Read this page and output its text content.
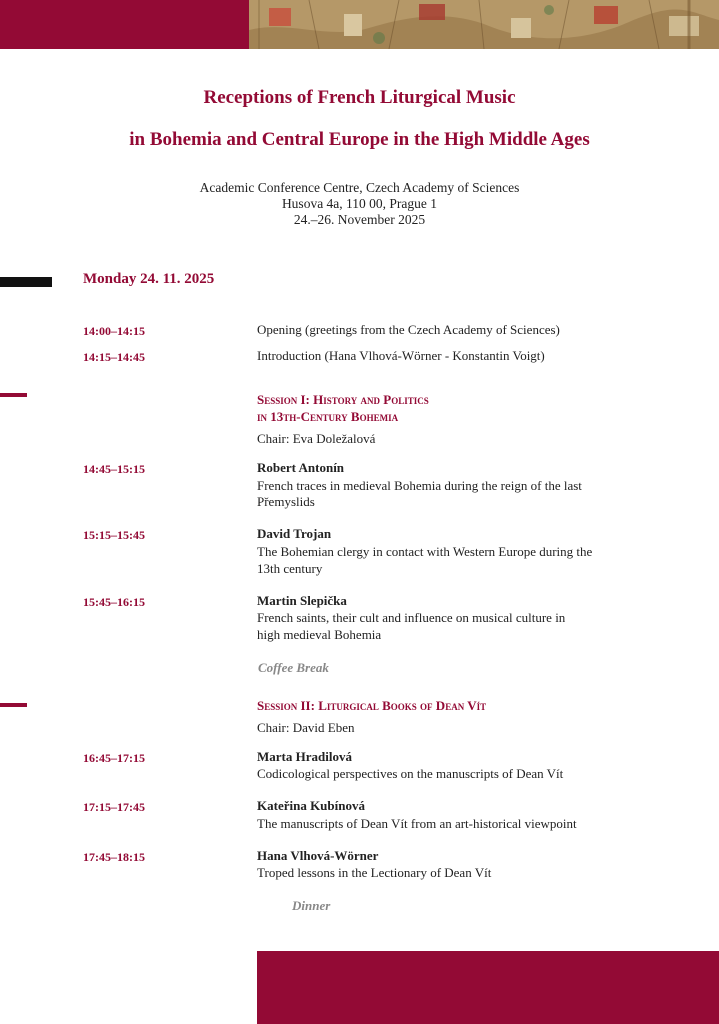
Receptions of French Liturgical Music
in Bohemia and Central Europe in the High Middle Ages
Academic Conference Centre, Czech Academy of Sciences
Husova 4a, 110 00, Prague 1
24.–26. November 2025
Monday 24. 11. 2025
14:00–14:15	Opening (greetings from the Czech Academy of Sciences)
14:15–14:45	Introduction (Hana Vlhová-Wörner - Konstantin Voigt)
Session I: History and Politics
in 13th-Century Bohemia
Chair: Eva Doležalová
14:45–15:15	Robert Antonín
French traces in medieval Bohemia during the reign of the last
Přemyslids
15:15–15:45	David Trojan
The Bohemian clergy in contact with Western Europe during the
13th century
15:45–16:15	Martin Slepička
French saints, their cult and influence on musical culture in
high medieval Bohemia
Coffee Break
Session II: Liturgical Books of Dean Vít
Chair: David Eben
16:45–17:15	Marta Hradilová
Codicological perspectives on the manuscripts of Dean Vít
17:15–17:45	Kateřina Kubínová
The manuscripts of Dean Vít from an art-historical viewpoint
17:45–18:15	Hana Vlhová-Wörner
Troped lessons in the Lectionary of Dean Vít
Dinner
